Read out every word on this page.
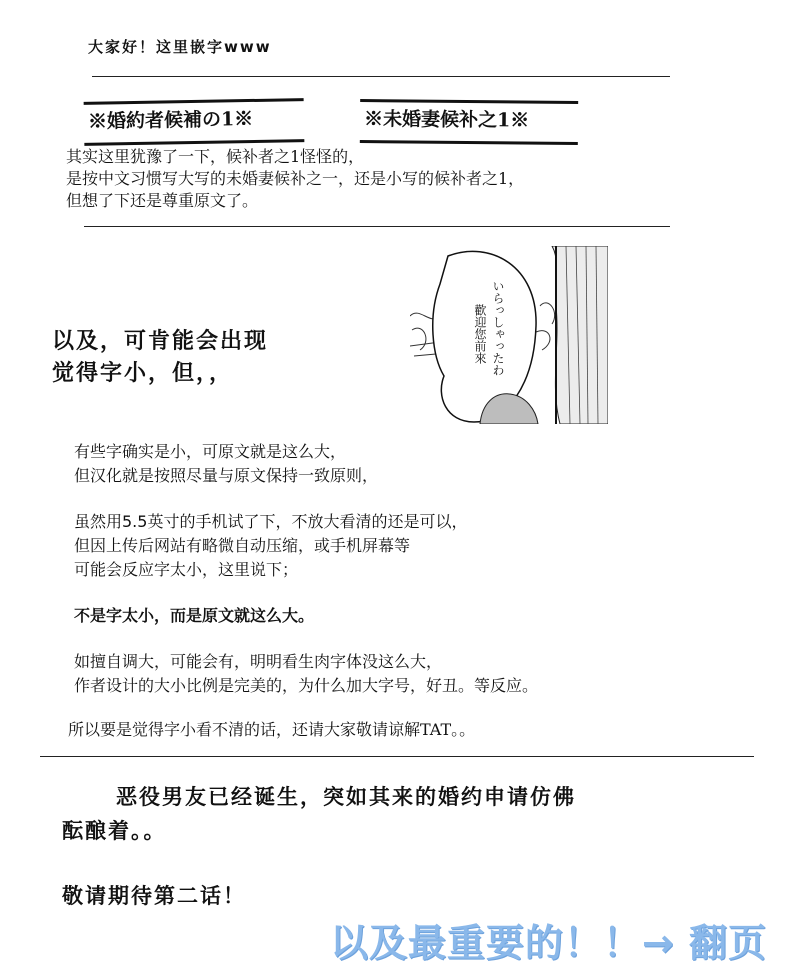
大家好！这里嵌字www
※婚約者候補の1※	※未婚妻候补之1※
其实这里犹豫了一下，候补者之1怪怪的，
是按中文习惯写大写的未婚妻候补之一，还是小写的候补者之1，
但想了下还是尊重原文了。
以及，可肯能会出现
觉得字小，但，，	いらっしゃったわ
歡迎您前來
有些字确实是小，可原文就是这么大，
但汉化就是按照尽量与原文保持一致原则，
虽然用5.5英寸的手机试了下，不放大看清的还是可以，
但因上传后网站有略微自动压缩，或手机屏幕等
可能会反应字太小，这里说下；
不是字太小，而是原文就这么大。
如擅自调大，可能会有，明明看生肉字体没这么大，
作者设计的大小比例是完美的，为什么加大字号，好丑。等反应。
所以要是觉得字小看不清的话，还请大家敬请谅解TAT。。
恶役男友已经诞生，突如其来的婚约申请仿佛
酝酿着。。
敬请期待第二话！
以及最重要的！！→ 翻页
